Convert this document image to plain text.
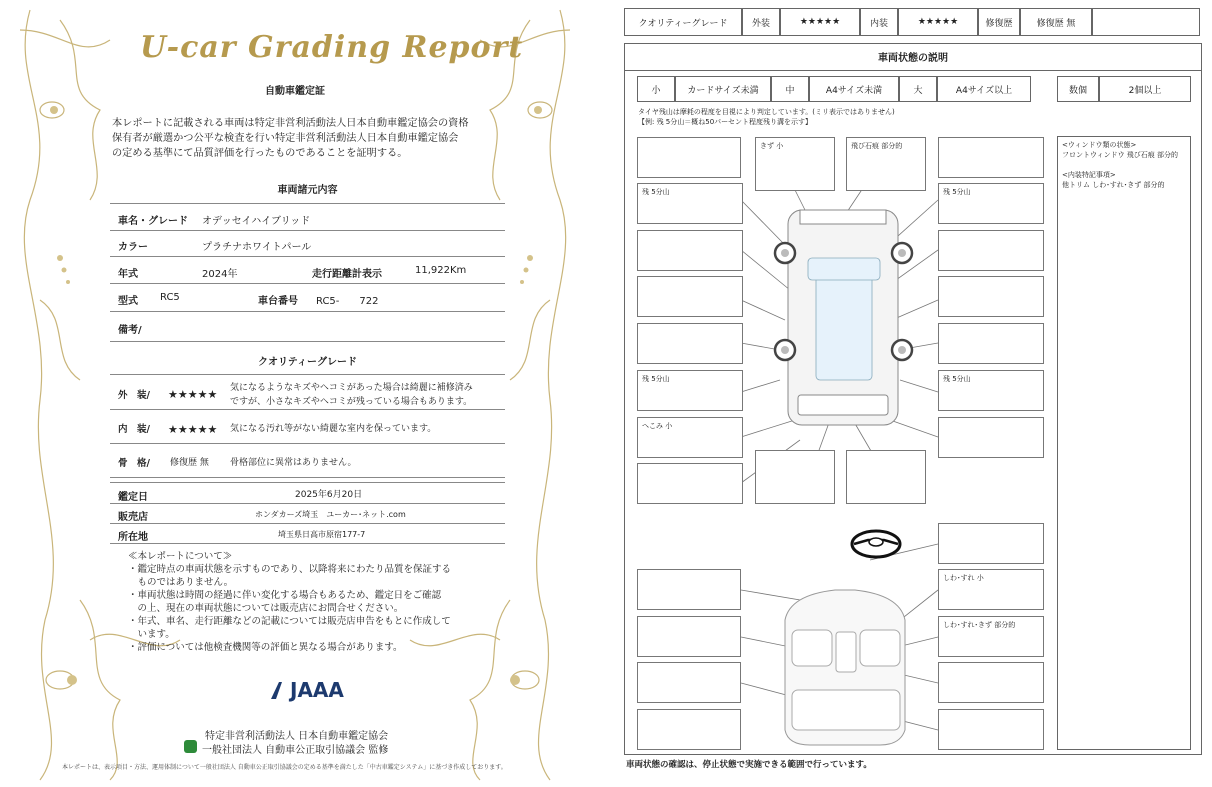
U-car Grading Report
自動車鑑定証
本レポートに記載される車両は特定非営利活動法人日本自動車鑑定協会の資格
保有者が厳選かつ公平な検査を行い特定非営利活動法人日本自動車鑑定協会
の定める基準にて品質評価を行ったものであることを証明する。
車両諸元内容
車名・グレード オデッセイハイブリッド
カラー	プラチナホワイトパール
年式	2024年	走行距離計表示	11,922Km
型式 RC5	車台番号 RC5-　　722
備考/
クオリティーグレード
外　装/ ★★★★★ 気になるようなキズやヘコミがあった場合は綺麗に補修済み
ですが、小さなキズやヘコミが残っている場合もあります。
内　装/ ★★★★★ 気になる汚れ等がない綺麗な室内を保っています。
骨　格/ 修復歴 無 骨格部位に異常はありません。
鑑定日	2025年6月20日
販売店	ホンダカーズ埼玉　ユーカー･ネット.com
所在地	埼玉県日高市原宿177-7
≪本レポートについて≫
・鑑定時点の車両状態を示すものであり、以降将来にわたり品質を保証する
　ものではありません。
・車両状態は時間の経過に伴い変化する場合もあるため、鑑定日をご確認
　の上、現在の車両状態については販売店にお問合せください。
・年式、車名、走行距離などの記載については販売店申告をもとに作成して
　います。
・評価については他検査機関等の評価と異なる場合があります。
JAAA
特定非営利活動法人 日本自動車鑑定協会
一般社団法人 自動車公正取引協議会 監修
本レポートは、表示項目・方法、運用体制について一般社団法人 自動車公正取引協議会の定める基準を満たした「中古車鑑定システム」に基づき作成しております。
クオリティーグレード	外装	★★★★★	内装	★★★★★	修復歴	修復歴 無
車両状態の説明
小	カードサイズ未満	中	A4サイズ未満	大	A4サイズ以上	数個	2個以上
タイヤ残山は摩耗の程度を目視により判定しています。(ミリ表示ではありません)
【例: 残 5分山＝概ね50パーセント程度残り溝を示す】
<ウィンドウ類の状態>
フロントウィンドウ 飛び石痕 部分的

<内装特記事項>
他トリム しわ･すれ･きず 部分的
きず 小	飛び石痕 部分的
残 5分山
残 5分山
へこみ 小
残 5分山
残 5分山
しわ･すれ 小
しわ･すれ･きず 部分的
車両状態の確認は、停止状態で実施できる範囲で行っています。
